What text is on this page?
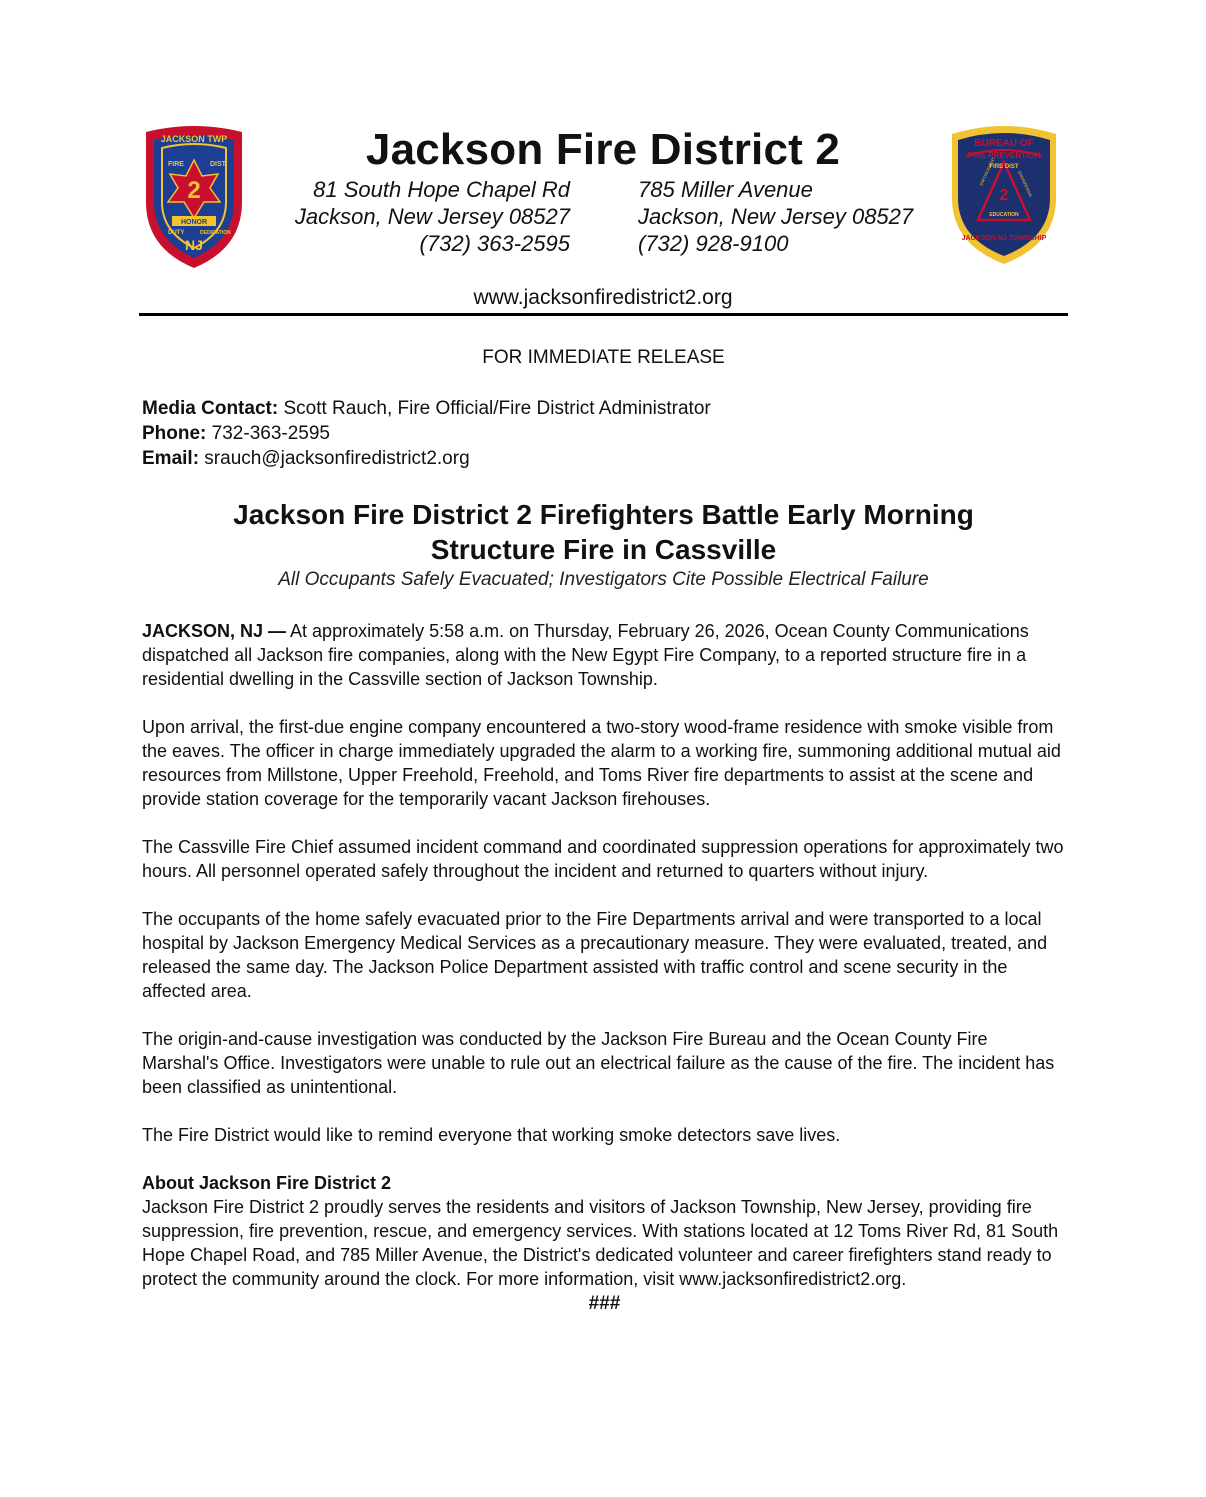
JACKSON TWP
FIRE	DIST
2
HONOR
DUTY	DEDICATION
NJ
Jackson Fire District 2
81 South Hope Chapel Rd
Jackson, New Jersey 08527
(732) 363-2595
785 Miller Avenue
Jackson, New Jersey 08527
(732) 928-9100
BUREAU OF
FIRE PREVENTION
FIRE DIST
2
EDUCATION
ENFORCEMENT	ENGINEERING
JACKSON NJ TOWNSHIP
www.jacksonfiredistrict2.org
FOR IMMEDIATE RELEASE
Media Contact: Scott Rauch, Fire Official/Fire District Administrator
Phone: 732-363-2595
Email: srauch@jacksonfiredistrict2.org
Jackson Fire District 2 Firefighters Battle Early Morning
Structure Fire in Cassville
All Occupants Safely Evacuated; Investigators Cite Possible Electrical Failure

JACKSON, NJ — At approximately 5:58 a.m. on Thursday, February 26, 2026, Ocean County Communications dispatched all Jackson fire companies, along with the New Egypt Fire Company, to a reported structure fire in a residential dwelling in the Cassville section of Jackson Township.

Upon arrival, the first-due engine company encountered a two-story wood-frame residence with smoke visible from the eaves. The officer in charge immediately upgraded the alarm to a working fire, summoning additional mutual aid resources from Millstone, Upper Freehold, Freehold, and Toms River fire departments to assist at the scene and provide station coverage for the temporarily vacant Jackson firehouses.

The Cassville Fire Chief assumed incident command and coordinated suppression operations for approximately two hours. All personnel operated safely throughout the incident and returned to quarters without injury.

The occupants of the home safely evacuated prior to the Fire Departments arrival and were transported to a local hospital by Jackson Emergency Medical Services as a precautionary measure. They were evaluated, treated, and released the same day. The Jackson Police Department assisted with traffic control and scene security in the affected area.

The origin-and-cause investigation was conducted by the Jackson Fire Bureau and the Ocean County Fire Marshal's Office. Investigators were unable to rule out an electrical failure as the cause of the fire. The incident has been classified as unintentional.

The Fire District would like to remind everyone that working smoke detectors save lives.

About Jackson Fire District 2
Jackson Fire District 2 proudly serves the residents and visitors of Jackson Township, New Jersey, providing fire suppression, fire prevention, rescue, and emergency services. With stations located at 12 Toms River Rd, 81 South Hope Chapel Road, and 785 Miller Avenue, the District's dedicated volunteer and career firefighters stand ready to protect the community around the clock. For more information, visit www.jacksonfiredistrict2.org.
###
